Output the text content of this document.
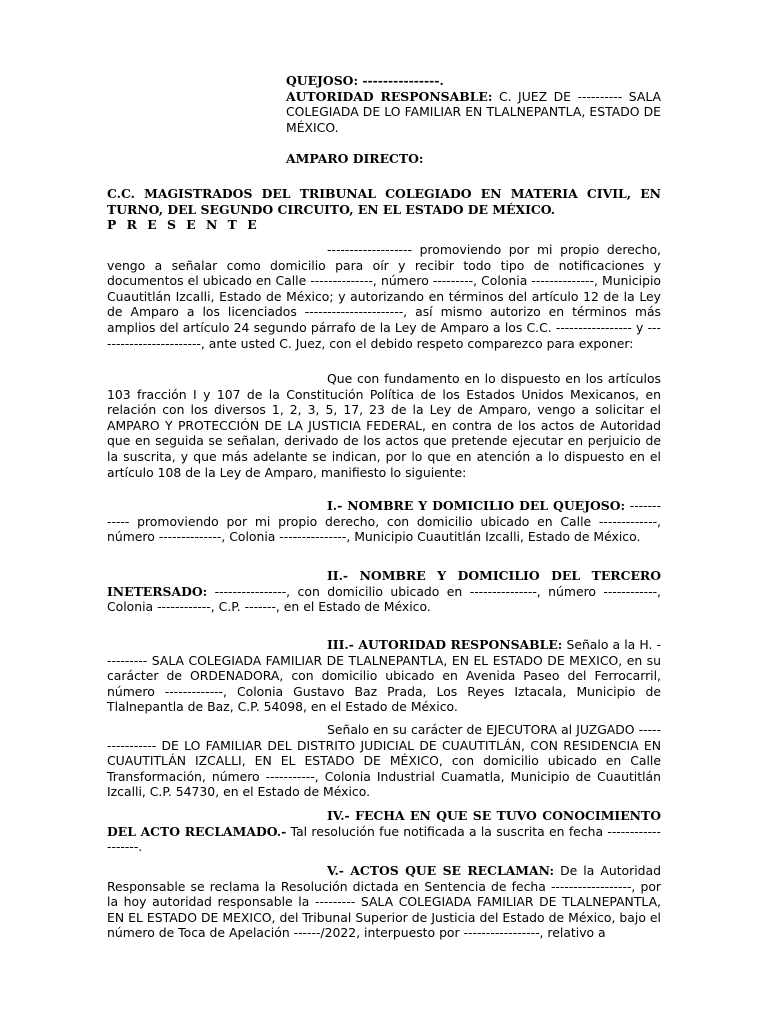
QUEJOSO: ---------------.
AUTORIDAD RESPONSABLE: C. JUEZ DE ---------- SALA COLEGIADA DE LO FAMILIAR EN TLALNEPANTLA, ESTADO DE MÉXICO.
AMPARO DIRECTO:
C.C. MAGISTRADOS DEL TRIBUNAL COLEGIADO EN MATERIA CIVIL, EN TURNO, DEL SEGUNDO CIRCUITO, EN EL ESTADO DE MÉXICO.
P R E S E N T E
------------------- promoviendo por mi propio derecho, vengo a señalar como domicilio para oír y recibir todo tipo de notificaciones y documentos el ubicado en Calle --------------, número ---------, Colonia --------------, Municipio Cuautitlán Izcalli, Estado de México; y autorizando en términos del artículo 12 de la Ley de Amparo a los licenciados ----------------------, así mismo autorizo en términos más amplios del artículo 24 segundo párrafo de la Ley de Amparo a los C.C. ----------------- y ------------------------, ante usted C. Juez, con el debido respeto comparezco para exponer:
Que con fundamento en lo dispuesto en los artículos 103 fracción I y 107 de la Constitución Política de los Estados Unidos Mexicanos, en relación con los diversos 1, 2, 3, 5, 17, 23 de la Ley de Amparo, vengo a solicitar el AMPARO Y PROTECCIÓN DE LA JUSTICIA FEDERAL, en contra de los actos de Autoridad que en seguida se señalan, derivado de los actos que pretende ejecutar en perjuicio de la suscrita, y que más adelante se indican, por lo que en atención a lo dispuesto en el artículo 108 de la Ley de Amparo, manifiesto lo siguiente:
I.- NOMBRE Y DOMICILIO DEL QUEJOSO: ------------ promoviendo por mi propio derecho, con domicilio ubicado en Calle -------------, número --------------, Colonia ---------------, Municipio Cuautitlán Izcalli, Estado de México.
II.- NOMBRE Y DOMICILIO DEL TERCERO INETERSADO: ----------------, con domicilio ubicado en ---------------, número ------------, Colonia ------------, C.P. -------, en el Estado de México.
III.- AUTORIDAD RESPONSABLE: Señalo a la H. ---------- SALA COLEGIADA FAMILIAR DE TLALNEPANTLA, EN EL ESTADO DE MEXICO, en su carácter de ORDENADORA, con domicilio ubicado en Avenida Paseo del Ferrocarril, número -------------, Colonia Gustavo Baz Prada, Los Reyes Iztacala, Municipio de Tlalnepantla de Baz, C.P. 54098, en el Estado de México.
Señalo en su carácter de EJECUTORA al JUZGADO ---------------- DE LO FAMILIAR DEL DISTRITO JUDICIAL DE CUAUTITLÁN, CON RESIDENCIA EN CUAUTITLÁN IZCALLI, EN EL ESTADO DE MÉXICO, con domicilio ubicado en Calle Transformación, número -----------, Colonia Industrial Cuamatla, Municipio de Cuautitlán Izcalli, C.P. 54730, en el Estado de México.
IV.- FECHA EN QUE SE TUVO CONOCIMIENTO DEL ACTO RECLAMADO.- Tal resolución fue notificada a la suscrita en fecha -------------------.
V.- ACTOS QUE SE RECLAMAN: De la Autoridad Responsable se reclama la Resolución dictada en Sentencia de fecha ------------------, por la hoy autoridad responsable la --------- SALA COLEGIADA FAMILIAR DE TLALNEPANTLA, EN EL ESTADO DE MEXICO, del Tribunal Superior de Justicia del Estado de México, bajo el número de Toca de Apelación ------/2022, interpuesto por -----------------, relativo a
